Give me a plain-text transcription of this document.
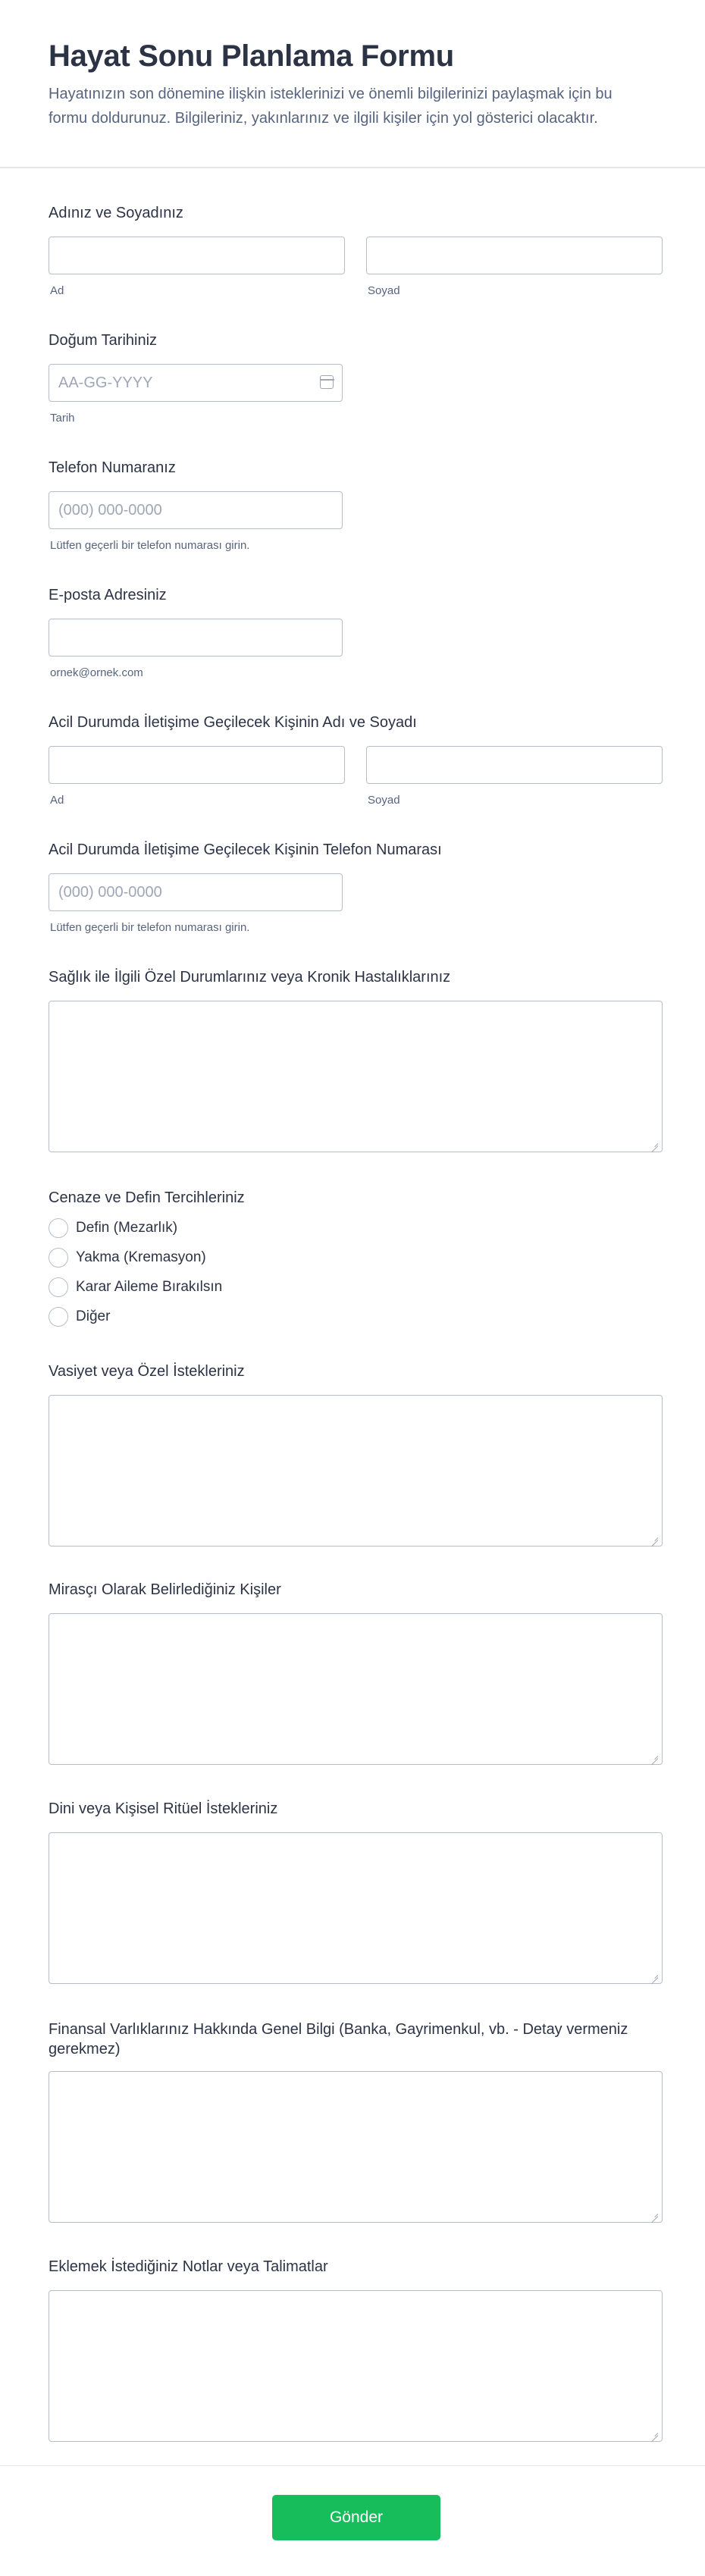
Hayat Sonu Planlama Formu

Hayatınızın son dönemine ilişkin isteklerinizi ve önemli bilgilerinizi paylaşmak için bu formu doldurunuz. Bilgileriniz, yakınlarınız ve ilgili kişiler için yol gösterici olacaktır.

Adınız ve Soyadınız
Ad	Soyad
Doğum Tarihiniz
AA-GG-YYYY
Tarih
Telefon Numaranız
(000) 000-0000
Lütfen geçerli bir telefon numarası girin.
E-posta Adresiniz
ornek@ornek.com
Acil Durumda İletişime Geçilecek Kişinin Adı ve Soyadı
Ad	Soyad
Acil Durumda İletişime Geçilecek Kişinin Telefon Numarası
(000) 000-0000
Lütfen geçerli bir telefon numarası girin.
Sağlık ile İlgili Özel Durumlarınız veya Kronik Hastalıklarınız
Cenaze ve Defin Tercihleriniz
Defin (Mezarlık)
Yakma (Kremasyon)
Karar Aileme Bırakılsın
Diğer
Vasiyet veya Özel İstekleriniz
Mirasçı Olarak Belirlediğiniz Kişiler
Dini veya Kişisel Ritüel İstekleriniz
Finansal Varlıklarınız Hakkında Genel Bilgi (Banka, Gayrimenkul, vb. - Detay vermeniz gerekmez)
Eklemek İstediğiniz Notlar veya Talimatlar
Gönder
